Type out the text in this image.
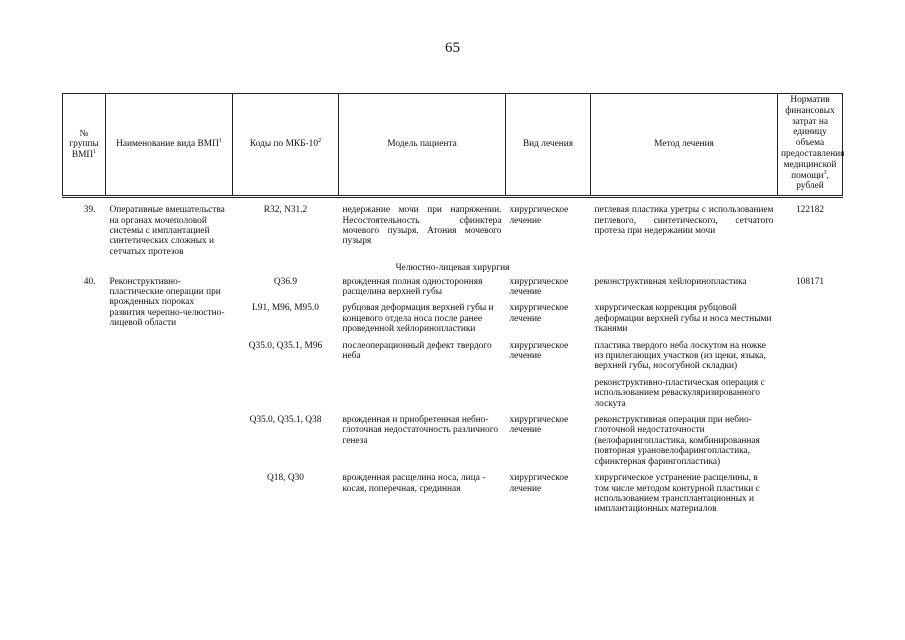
65
№ группы ВМП$^1$	Наименование вида ВМП$^1$	Коды по МКБ-$10^2$	Модель пациента	Вид лечения	Метод лечения	Норматив финансовых затрат на единицу объема предоставления медицинской помощи$^3$, рублей
39.	Оперативные вмешательства на органах мочеполовой системы с имплантацией синтетических сложных и сетчатых протезов	R32, N31.2	недержание мочи при напряжении. Несостоятельность сфинктера мочевого пузыря. Атония мочевого пузыря	хирургическое лечение	петлевая пластика уретры с использованием петлевого, синтетического, сетчатого протеза при недержании мочи	122182
Челюстно-лицевая хирургия						
40.	Реконструктивно-пластические операции при врожденных пороках развития черепно-челюстно-лицевой области	Q36.9	врожденная полная односторонняя расщелина верхней губы	хирургическое лечение	реконструктивная хейлоринопластика	108171
		L91, M96, M95.0	рубцовая деформация верхней губы и концевого отдела носа после ранее проведенной хейлоринопластики	хирургическое лечение	хирургическая коррекция рубцовой деформации верхней губы и носа местными тканями	
		Q35.0, Q35.1, M96	послеоперационный дефект твердого неба	хирургическое лечение	пластика твердого неба лоскутом на ножке из прилегающих участков (из щеки, языка, верхней губы, носогубной складки)	
					реконструктивно-пластическая операция с использованием реваскуляризированного лоскута	
		Q35.0, Q35.1, Q38	врожденная и приобретенная небно-глоточная недостаточность различного генеза	хирургическое лечение	реконструктивная операция при небно-глоточной недостаточности (велофарингопластика, комбинированная повторная урановелофарингопластика, сфинктерная фарингопластика)	
		Q18, Q30	врожденная расщелина носа, лица - косая, поперечная, срединная	хирургическое лечение	хирургическое устранение расщелины, в том числе методом контурной пластики с использованием трансплантационных и имплантационных материалов	
